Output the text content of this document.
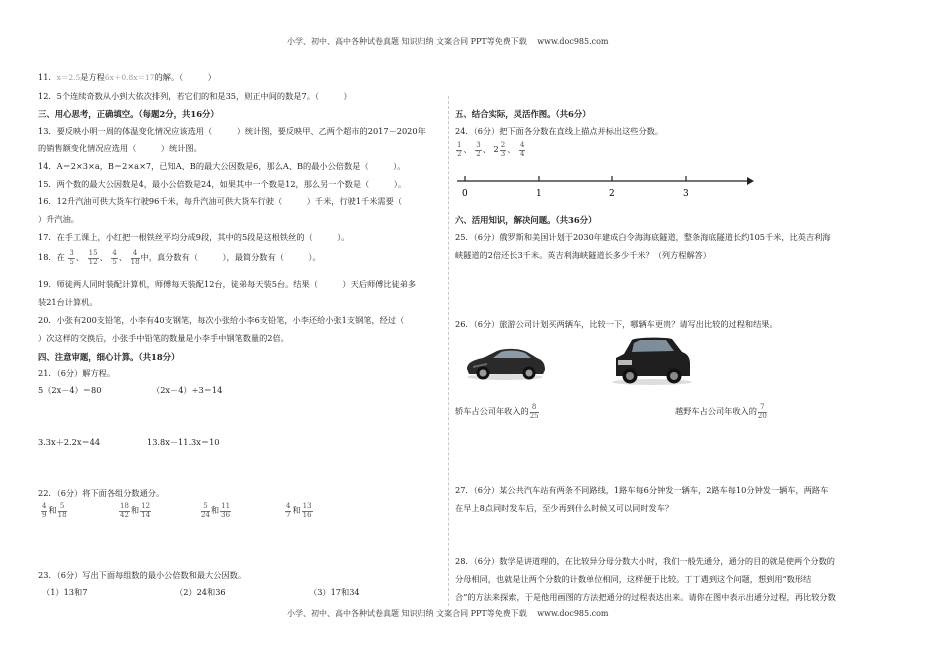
小学、初中、高中各种试卷真题 知识归纳 文案合同 PPT等免费下载　 www.doc985.com
小学、初中、高中各种试卷真题 知识归纳 文案合同 PPT等免费下载　 www.doc985.com
11．x＝2.5是方程6x＋0.8x＝17的解。（　　　）
12．5个连续奇数从小到大依次排列，若它们的和是35，则正中间的数是7。（　　　）
三、用心思考，正确填空。（每题2分，共16分）
13．要反映小明一周的体温变化情况应该选用（　　　）统计图，要反映甲、乙两个超市的2017－2020年
的销售额变化情况应选用（　　　）统计图。
14．A＝2×3×a，B＝2×a×7，已知A、B的最大公因数是6，那么A、B的最小公倍数是（　　　）。
15．两个数的最大公因数是4，最小公倍数是24，如果其中一个数是12，那么另一个数是（　　　）。
16．12升汽油可供大货车行驶96千米，每升汽油可供大货车行驶（　　　）千米，行驶1千米需要（
）升汽油。
17．在手工课上，小红把一根铁丝平均分成9段，其中的5段是这根铁丝的（　　　）。
18．在 $\frac{3}{5}$ 、 $\frac{15}{12}$ 、 $\frac{4}{5}$ 、 $\frac{4}{18}$ 中，真分数有（　　　），最简分数有（　　　）。
19．师徒两人同时装配计算机，师傅每天装配12台，徒弟每天装5台。结果（　　　）天后师傅比徒弟多
装21台计算机。
20．小张有200支铅笔，小李有40支钢笔，每次小张给小李6支铅笔，小李还给小张1支钢笔，经过（
）次这样的交换后，小张手中铅笔的数量是小李手中钢笔数量的2倍。
四、注意审题，细心计算。（共18分）
21．（6分）解方程。
5（2x－4）＝80	（2x－4）÷3＝14
3.3x＋2.2x＝44	13.8x－11.3x＝10
22．（6分）将下面各组分数通分。
$\frac{4}{9}$ 和 $\frac{5}{18}$	$\frac{18}{42}$ 和 $\frac{12}{14}$	$\frac{5}{24}$ 和 $\frac{11}{36}$	$\frac{4}{7}$ 和 $\frac{13}{16}$
23．（6分）写出下面每组数的最小公倍数和最大公因数。
（1）13和7	（2）24和36	（3）17和34
五、结合实际，灵活作图。（共6分）
24．（6分）把下面各分数在直线上描点并标出这些分数。
$\frac{1}{2}$ 、 $\frac{3}{2}$ 、 $2 \frac{2}{3}$ 、 $\frac{4}{4}$
0	1	2	3
六、活用知识，解决问题。（共36分）
25．（6分）俄罗斯和美国计划于2030年建成白令海海底隧道，整条海底隧道长约105千米，比英吉利海
峡隧道的2倍还长3千米。英吉利海峡隧道长多少千米？（列方程解答）
26．（6分）旅游公司计划买两辆车，比较一下，哪辆车更贵？请写出比较的过程和结果。
轿车占公司年收入的 $\frac{8}{25}$	越野车占公司年收入的 $\frac{7}{20}$
27．（6分）某公共汽车站有两条不同路线，1路车每6分钟发一辆车，2路车每10分钟发一辆车，两路车
在早上8点同时发车后，至少再到什么时候又可以同时发车？
28．（6分）数学是讲道理的，在比较异分母分数大小时，我们一般先通分，通分的目的就是使两个分数的
分母相同，也就是让两个分数的计数单位相同，这样便于比较。丁丁遇到这个问题，想到用“数形结
合”的方法来探索，于是他用画图的方法把通分的过程表达出来。请你在图中表示出通分过程，再比较分数
